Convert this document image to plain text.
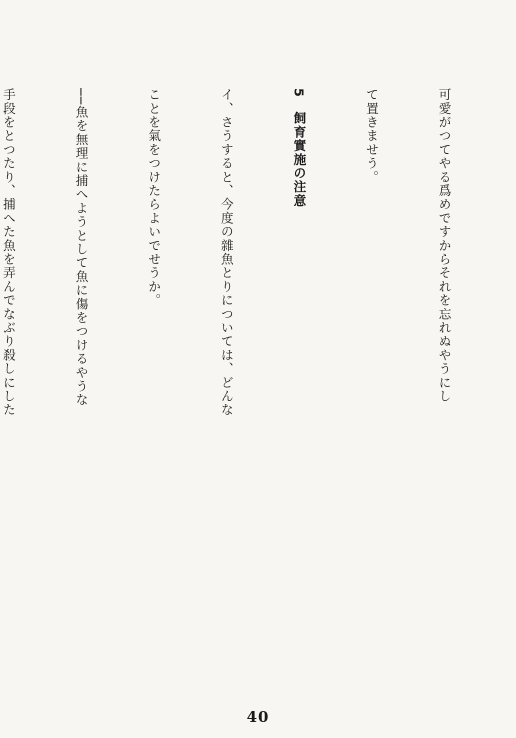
可愛がつてやる爲めですからそれを忘れぬやうにし

て置きませう。

5　飼育實施の注意

イ、さうすると、今度の雜魚とりについては、どんな

ことを氣をつけたらよいでせうか。

──魚を無理に捕へようとして魚に傷をつけるやうな

手段をとつたり、捕へた魚を弄んでなぶり殺しにした

40
